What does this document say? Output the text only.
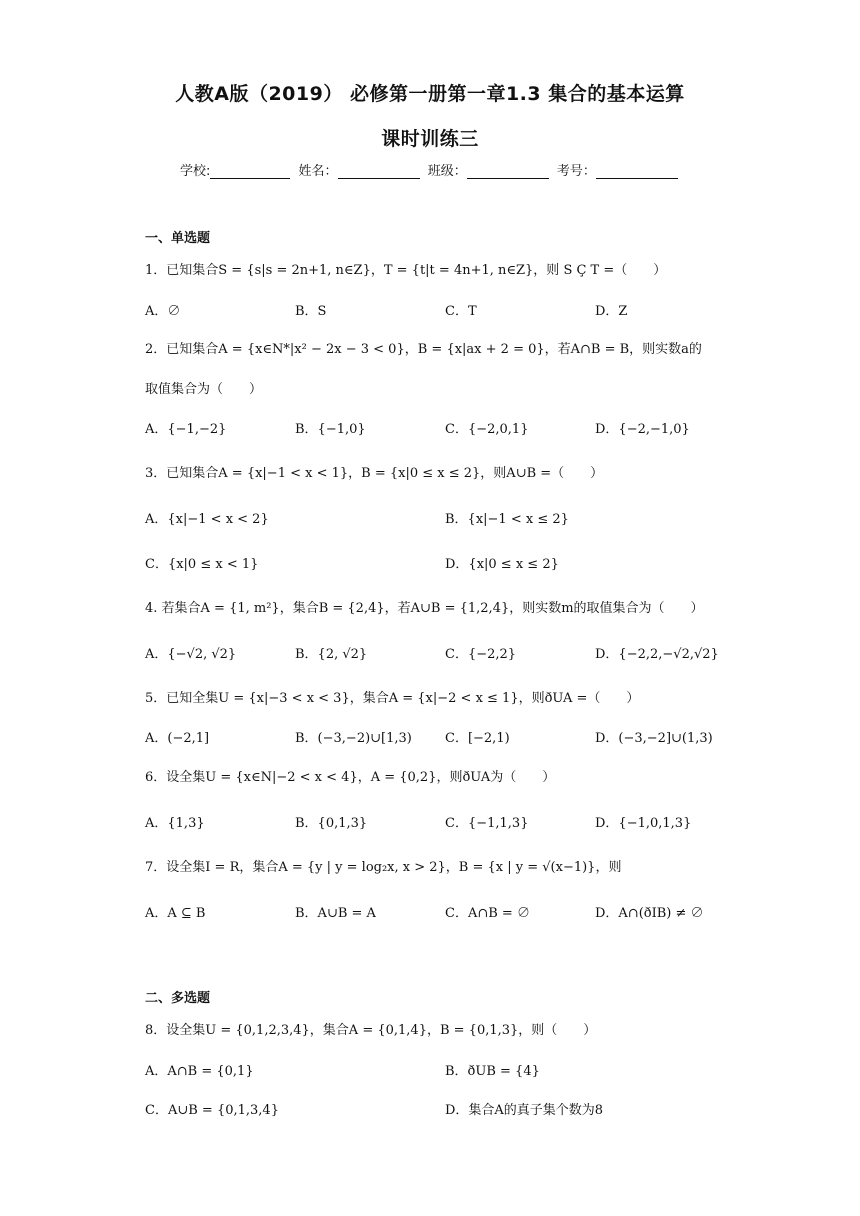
人教A版（2019） 必修第一册第一章1.3 集合的基本运算
课时训练三
学校:	姓名：	班级：	考号：
一、单选题
1．已知集合S = {s|s = 2n+1, n∈Z}，T = {t|t = 4n+1, n∈Z}，则 S Ç T =（　　）
A．∅	B．S	C．T	D．Z
2．已知集合A = {x∈N*|x² − 2x − 3 < 0}，B = {x|ax + 2 = 0}，若A∩B = B，则实数a的
取值集合为（　　）
A．{−1,−2}	B．{−1,0}	C．{−2,0,1}	D．{−2,−1,0}
3．已知集合A = {x|−1 < x < 1}，B = {x|0 ≤ x ≤ 2}，则A∪B =（　　）
A．{x|−1 < x < 2}	B．{x|−1 < x ≤ 2}
C．{x|0 ≤ x < 1}	D．{x|0 ≤ x ≤ 2}
4. 若集合A = {1, m²}，集合B = {2,4}，若A∪B = {1,2,4}，则实数m的取值集合为（　　）
A．{−√2, √2}	B．{2, √2}	C．{−2,2}	D．{−2,2,−√2,√2}
5．已知全集U = {x|−3 < x < 3}，集合A = {x|−2 < x ≤ 1}，则ðUA =（　　）
A．(−2,1]	B．(−3,−2)∪[1,3)	C．[−2,1)	D．(−3,−2]∪(1,3)
6．设全集U = {x∈N|−2 < x < 4}，A = {0,2}，则ðUA为（　　）
A．{1,3}	B．{0,1,3}	C．{−1,1,3}	D．{−1,0,1,3}
7．设全集I = R，集合A = {y | y = log₂x, x > 2}，B = {x | y = √(x−1)}，则
A．A ⊆ B	B．A∪B = A	C．A∩B = ∅	D．A∩(ðIB) ≠ ∅
二、多选题
8．设全集U = {0,1,2,3,4}，集合A = {0,1,4}，B = {0,1,3}，则（　　）
A．A∩B = {0,1}	B．ðUB = {4}
C．A∪B = {0,1,3,4}	D．集合A的真子集个数为8
